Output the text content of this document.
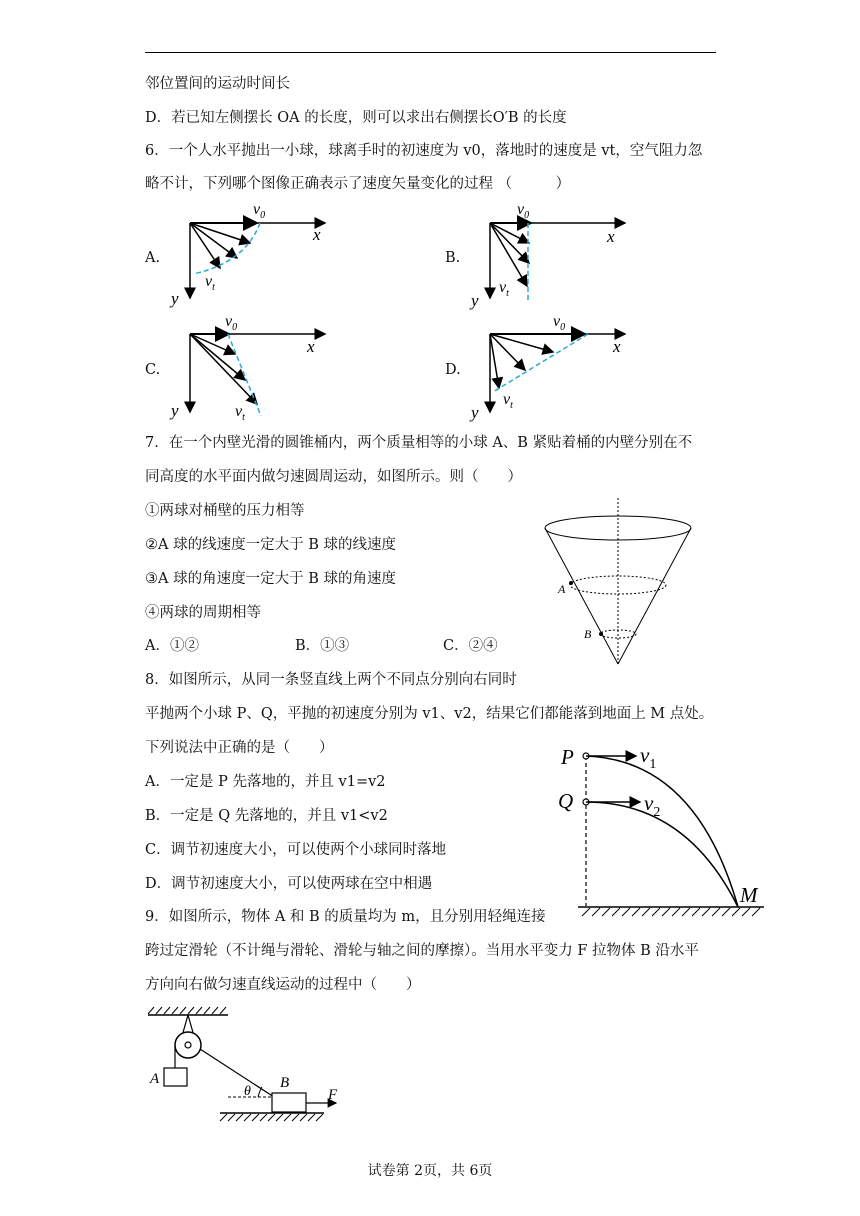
邻位置间的运动时间长
D．若已知左侧摆长 OA 的长度，则可以求出右侧摆长O′B 的长度
6．一个人水平抛出一小球，球离手时的初速度为 v0，落地时的速度是 vt，空气阻力忽
略不计，下列哪个图像正确表示了速度矢量变化的过程 （　　　）
A.	B.
C.	D.
$v_0$
x
$v_t$
y
$v_0$
x
$v_t$
y
$v_0$
x
$v_t$
y
$v_0$
x
$v_t$
y
7．在一个内壁光滑的圆锥桶内，两个质量相等的小球 A、B 紧贴着桶的内壁分别在不
同高度的水平面内做匀速圆周运动，如图所示。则（　　）
①两球对桶壁的压力相等
②A 球的线速度一定大于 B 球的线速度
③A 球的角速度一定大于 B 球的角速度
④两球的周期相等
A．①②	B．①③	C．②④
A
B
8．如图所示，从同一条竖直线上两个不同点分别向右同时
平抛两个小球 P、Q，平抛的初速度分别为 v1、v2，结果它们都能落到地面上 M 点处。
下列说法中正确的是（　　）
A．一定是 P 先落地的，并且 v1=v2
B．一定是 Q 先落地的，并且 v1<v2
C．调节初速度大小，可以使两个小球同时落地
D．调节初速度大小，可以使两球在空中相遇
P
Q
$v_1$
$v_2$
M
9．如图所示，物体 A 和 B 的质量均为 m，且分别用轻绳连接
跨过定滑轮（不计绳与滑轮、滑轮与轴之间的摩擦）。当用水平变力 F 拉物体 B 沿水平
方向向右做匀速直线运动的过程中（　　）
A
θ
B
F
试卷第 2页，共 6页
